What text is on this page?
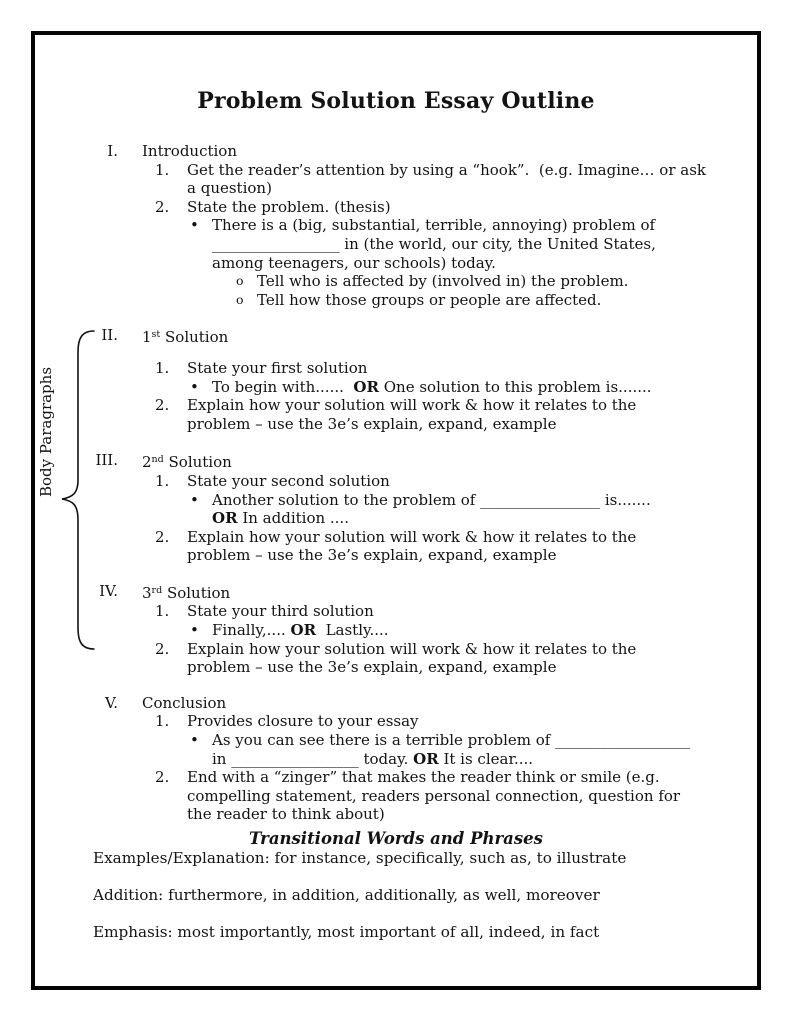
Problem Solution Essay Outline
Body Paragraphs
I. Introduction
1. Get the reader’s attention by using a “hook”.  (e.g. Imagine… or ask
a question)
2. State the problem. (thesis)
• There is a (big, substantial, terrible, annoying) problem of
_________________ in (the world, our city, the United States,
among teenagers, our schools) today.
o Tell who is affected by (involved in) the problem.
o Tell how those groups or people are affected.
II. 1st Solution
1. State your first solution
• To begin with......  OR One solution to this problem is.......
2. Explain how your solution will work & how it relates to the
problem – use the 3e’s explain, expand, example
III. 2nd Solution
1. State your second solution
• Another solution to the problem of ________________ is.......
OR In addition ....
2. Explain how your solution will work & how it relates to the
problem – use the 3e’s explain, expand, example
IV. 3rd Solution
1. State your third solution
• Finally,.... OR  Lastly....
2. Explain how your solution will work & how it relates to the
problem – use the 3e’s explain, expand, example
V. Conclusion
1. Provides closure to your essay
• As you can see there is a terrible problem of __________________
in _________________ today. OR It is clear....
2. End with a “zinger” that makes the reader think or smile (e.g.
compelling statement, readers personal connection, question for
the reader to think about)
Transitional Words and Phrases
Examples/Explanation: for instance, specifically, such as, to illustrate
Addition: furthermore, in addition, additionally, as well, moreover
Emphasis: most importantly, most important of all, indeed, in fact
